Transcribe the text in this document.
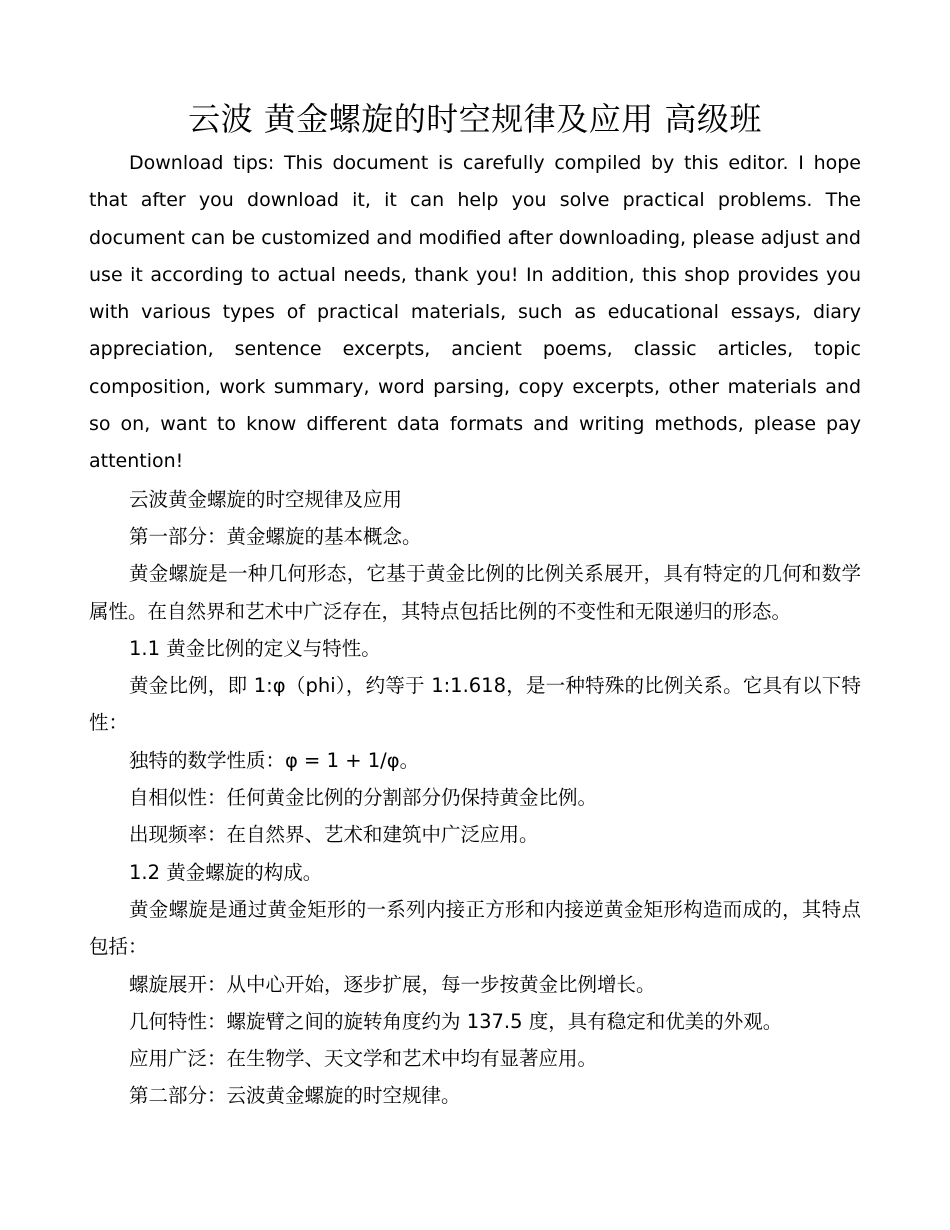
云波 黄金螺旋的时空规律及应用 高级班

Download tips: This document is carefully compiled by this editor. I hope that after you download it, it can help you solve practical problems. The document can be customized and modified after downloading, please adjust and use it according to actual needs, thank you! In addition, this shop provides you with various types of practical materials, such as educational essays, diary appreciation, sentence excerpts, ancient poems, classic articles, topic composition, work summary, word parsing, copy excerpts, other materials and so on, want to know different data formats and writing methods, please pay attention!

云波黄金螺旋的时空规律及应用

第一部分：黄金螺旋的基本概念。

黄金螺旋是一种几何形态，它基于黄金比例的比例关系展开，具有特定的几何和数学属性。在自然界和艺术中广泛存在，其特点包括比例的不变性和无限递归的形态。

1.1 黄金比例的定义与特性。

黄金比例，即 1:φ（phi），约等于 1:1.618，是一种特殊的比例关系。它具有以下特性：

独特的数学性质：φ = 1 + 1/φ。

自相似性：任何黄金比例的分割部分仍保持黄金比例。

出现频率：在自然界、艺术和建筑中广泛应用。

1.2 黄金螺旋的构成。

黄金螺旋是通过黄金矩形的一系列内接正方形和内接逆黄金矩形构造而成的，其特点包括：

螺旋展开：从中心开始，逐步扩展，每一步按黄金比例增长。

几何特性：螺旋臂之间的旋转角度约为 137.5 度，具有稳定和优美的外观。

应用广泛：在生物学、天文学和艺术中均有显著应用。

第二部分：云波黄金螺旋的时空规律。
